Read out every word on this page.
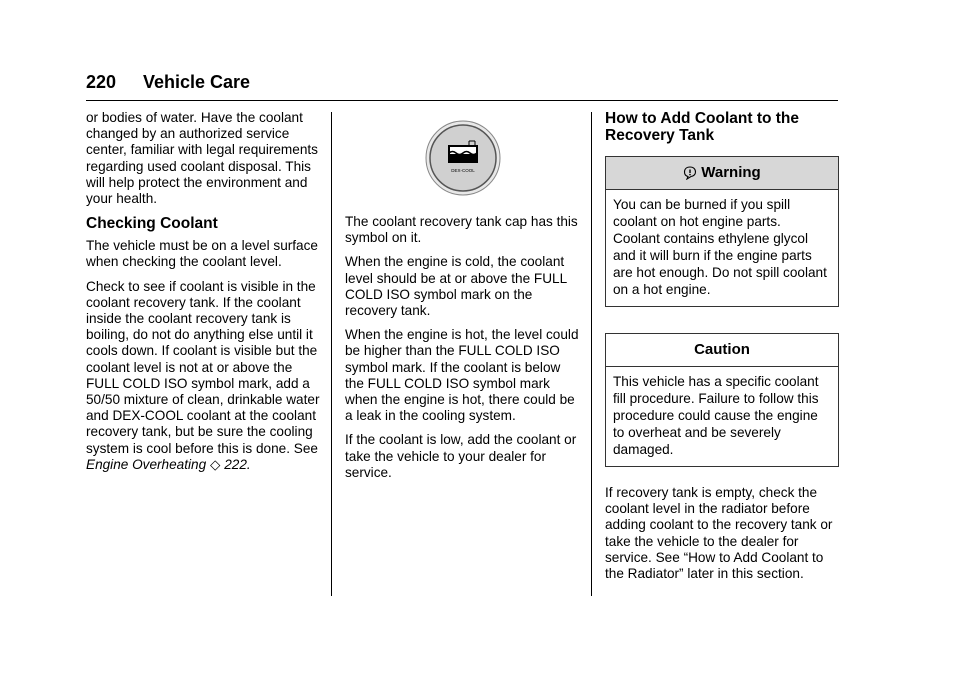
220 Vehicle Care

or bodies of water. Have the coolant changed by an authorized service center, familiar with legal requirements regarding used coolant disposal. This will help protect the environment and your health.

Checking Coolant

The vehicle must be on a level surface when checking the coolant level.

Check to see if coolant is visible in the coolant recovery tank. If the coolant inside the coolant recovery tank is boiling, do not do anything else until it cools down. If coolant is visible but the coolant level is not at or above the FULL COLD ISO symbol mark, add a 50/50 mixture of clean, drinkable water and DEX-COOL coolant at the coolant recovery tank, but be sure the cooling system is cool before this is done. See Engine Overheating ◇ 222.

DEX-COOL

The coolant recovery tank cap has this symbol on it.

When the engine is cold, the coolant level should be at or above the FULL COLD ISO symbol mark on the recovery tank.

When the engine is hot, the level could be higher than the FULL COLD ISO symbol mark. If the coolant is below the FULL COLD ISO symbol mark when the engine is hot, there could be a leak in the cooling system.

If the coolant is low, add the coolant or take the vehicle to your dealer for service.

How to Add Coolant to the Recovery Tank
Warning
You can be burned if you spill coolant on hot engine parts. Coolant contains ethylene glycol and it will burn if the engine parts are hot enough. Do not spill coolant on a hot engine.
Caution
This vehicle has a specific coolant fill procedure. Failure to follow this procedure could cause the engine to overheat and be severely damaged.

If recovery tank is empty, check the coolant level in the radiator before adding coolant to the recovery tank or take the vehicle to the dealer for service. See “How to Add Coolant to the Radiator” later in this section.
